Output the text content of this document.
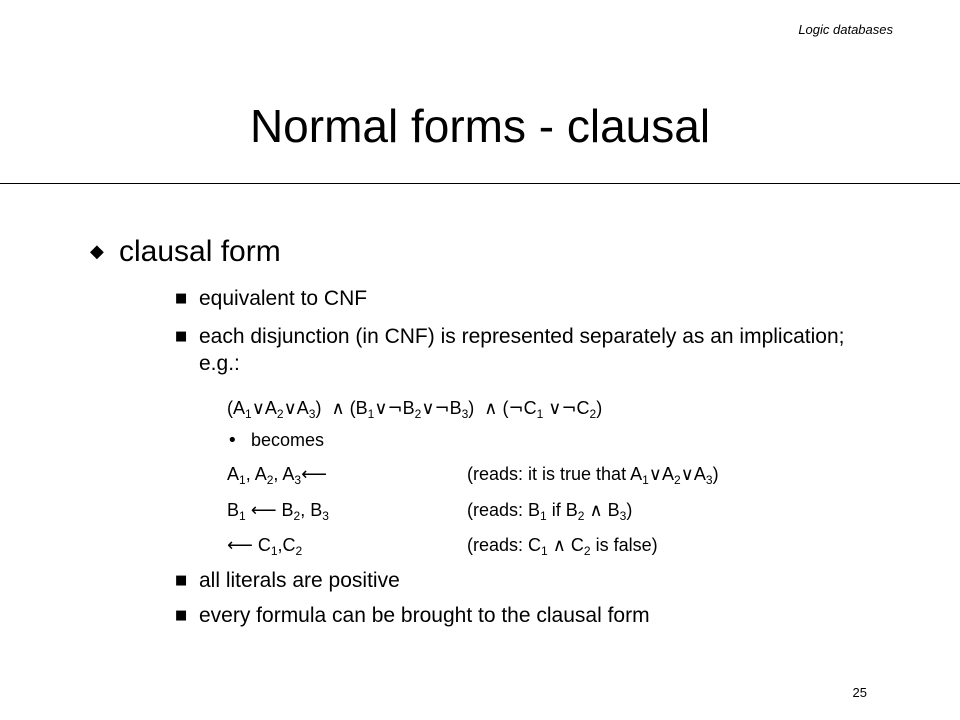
Logic databases
Normal forms - clausal
◆ clausal form
■ equivalent to CNF
■ each disjunction (in CNF) is represented separately as an implication; e.g.:
$(A_1\vee A_2\vee A_3)$  ∧ $(B_1\vee\neg B_2\vee\neg B_3)$  ∧ ($\neg C_1$ $\vee\neg C_2$)
• becomes
$A_1$, $A_2$, $A_3⟵$	(reads: it is true that $A_1\vee A_2\vee A_3$)
$B_1$ ⟵ $B_2$, $B_3$	(reads: $B_1$ if $B_2$ ∧ $B_3$)
⟵ $C_1,C_2$	(reads: $C_1$ ∧ $C_2$ is false)
■ all literals are positive
■ every formula can be brought to the clausal form
25
